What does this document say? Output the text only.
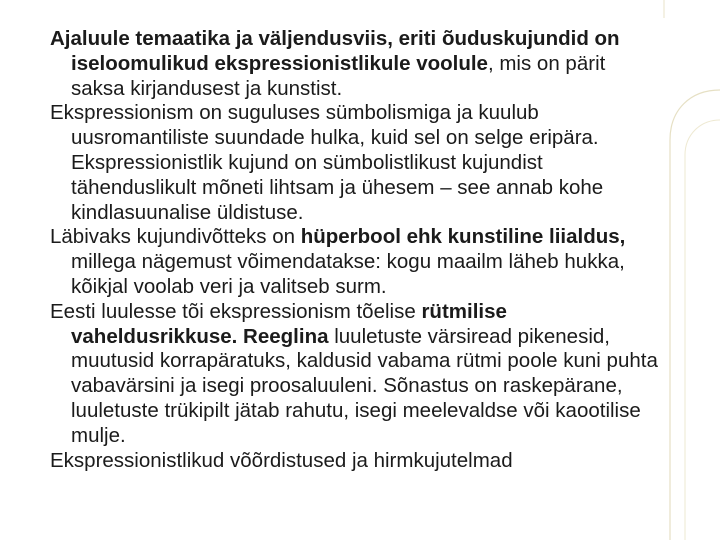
Ajaluule temaatika ja väljendusviis, eriti õuduskujundid on iseloomulikud ekspressionistlikule voolule, mis on pärit saksa kirjandusest ja kunstist.

Ekspressionism on suguluses sümbolismiga ja kuulub uusromantiliste suundade hulka, kuid sel on selge eripära. Ekspressionistlik kujund on sümbolistlikust kujundist tähenduslikult mõneti lihtsam ja ühesem – see annab kohe kindlasuunalise üldistuse.

Läbivaks kujundivõtteks on hüperbool ehk kunstiline liialdus, millega nägemust võimendatakse: kogu maailm läheb hukka, kõikjal voolab veri ja valitseb surm.

Eesti luulesse tõi ekspressionism tõelise rütmilise vaheldusrikkuse. Reeglina luuletuste värsiread pikenesid, muutusid korrapäratuks, kaldusid vabama rütmi poole kuni puhta vabavärsini ja isegi proosaluuleni. Sõnastus on raskepärane, luuletuste trükipilt jätab rahutu, isegi meelevaldse või kaootilise mulje.

Ekspressionistlikud võõrdistused ja hirmkujutelmad
